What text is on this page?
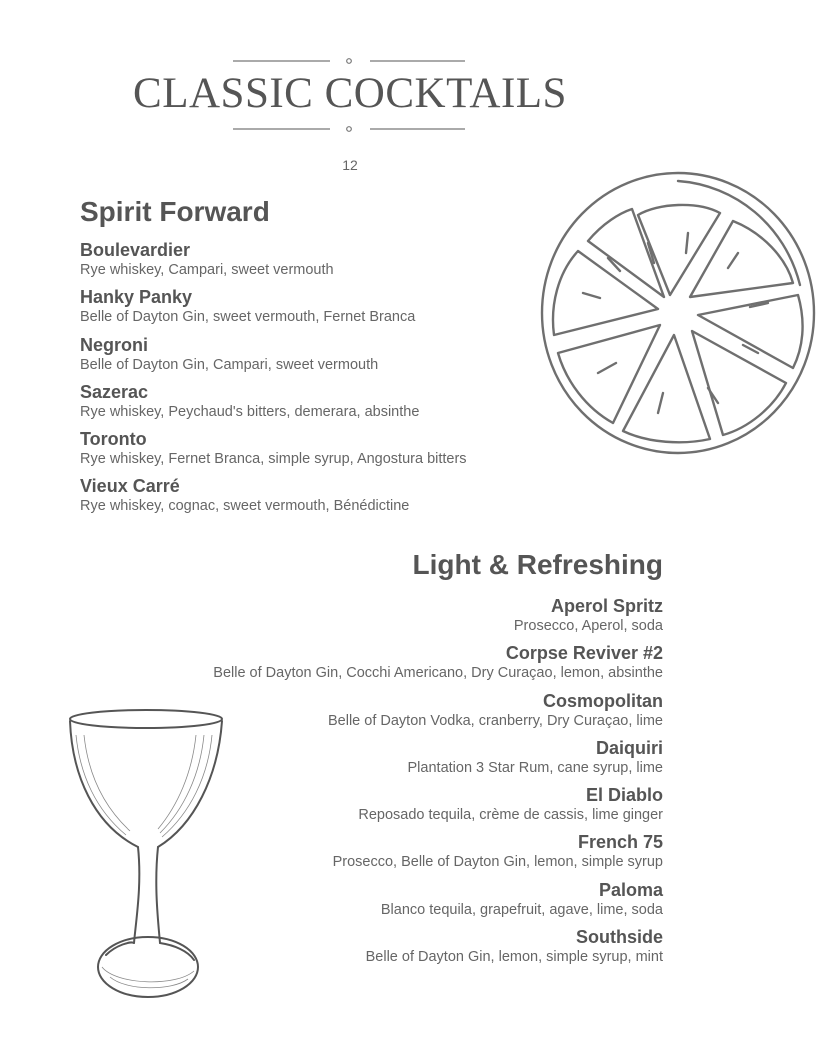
CLASSIC COCKTAILS
12
Spirit Forward
Boulevardier
Rye whiskey, Campari, sweet vermouth
Hanky Panky
Belle of Dayton Gin, sweet vermouth, Fernet Branca
Negroni
Belle of Dayton Gin, Campari, sweet vermouth
Sazerac
Rye whiskey, Peychaud's bitters, demerara, absinthe
Toronto
Rye whiskey, Fernet Branca, simple syrup, Angostura bitters
Vieux Carré
Rye whiskey, cognac, sweet vermouth, Bénédictine
Light & Refreshing
Aperol Spritz
Prosecco, Aperol, soda
Corpse Reviver #2
Belle of Dayton Gin, Cocchi Americano, Dry Curaçao, lemon, absinthe
Cosmopolitan
Belle of Dayton Vodka, cranberry, Dry Curaçao, lime
Daiquiri
Plantation 3 Star Rum, cane syrup, lime
El Diablo
Reposado tequila, crème de cassis, lime ginger
French 75
Prosecco, Belle of Dayton Gin, lemon, simple syrup
Paloma
Blanco tequila, grapefruit, agave, lime, soda
Southside
Belle of Dayton Gin, lemon, simple syrup, mint
